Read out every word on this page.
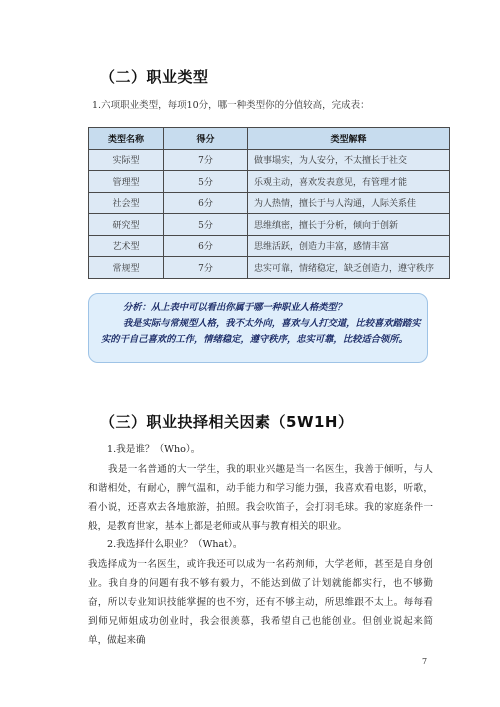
（二）职业类型
1.六项职业类型，每项10分，哪一种类型你的分值较高，完成表：
类型名称	得分	类型解释
实际型	7分	做事塌实，为人安分，不太擅长于社交
管理型	5分	乐观主动，喜欢发表意见，有管理才能
社会型	6分	为人热情，擅长于与人沟通，人际关系佳
研究型	5分	思维缜密，擅长于分析，倾向于创新
艺术型	6分	思维活跃，创造力丰富，感情丰富
常规型	7分	忠实可靠，情绪稳定，缺乏创造力，遵守秩序
分析：从上表中可以看出你属于哪一种职业人格类型？
我是实际与常规型人格，我不太外向，喜欢与人打交道，比较喜欢踏踏实实的干自己喜欢的工作，情绪稳定，遵守秩序，忠实可靠，比较适合领所。
（三）职业抉择相关因素（5W1H）
1.我是谁？（Who）。
我是一名普通的大一学生，我的职业兴趣是当一名医生，我善于倾听，与人和谐相处，有耐心，脾气温和，动手能力和学习能力强，我喜欢看电影，听歌，看小说，还喜欢去各地旅游，拍照。我会吹笛子，会打羽毛球。我的家庭条件一般，是教育世家，基本上都是老师或从事与教育相关的职业。
2.我选择什么职业？（What）。
我选择成为一名医生，或许我还可以成为一名药剂师，大学老师，甚至是自身创业。我自身的问题有我不够有毅力，不能达到做了计划就能都实行，也不够勤奋，所以专业知识技能掌握的也不穷，还有不够主动，所思维跟不太上。每每看到师兄师姐成功创业时，我会很羡慕，我希望自己也能创业。但创业说起来简单，做起来确
7
